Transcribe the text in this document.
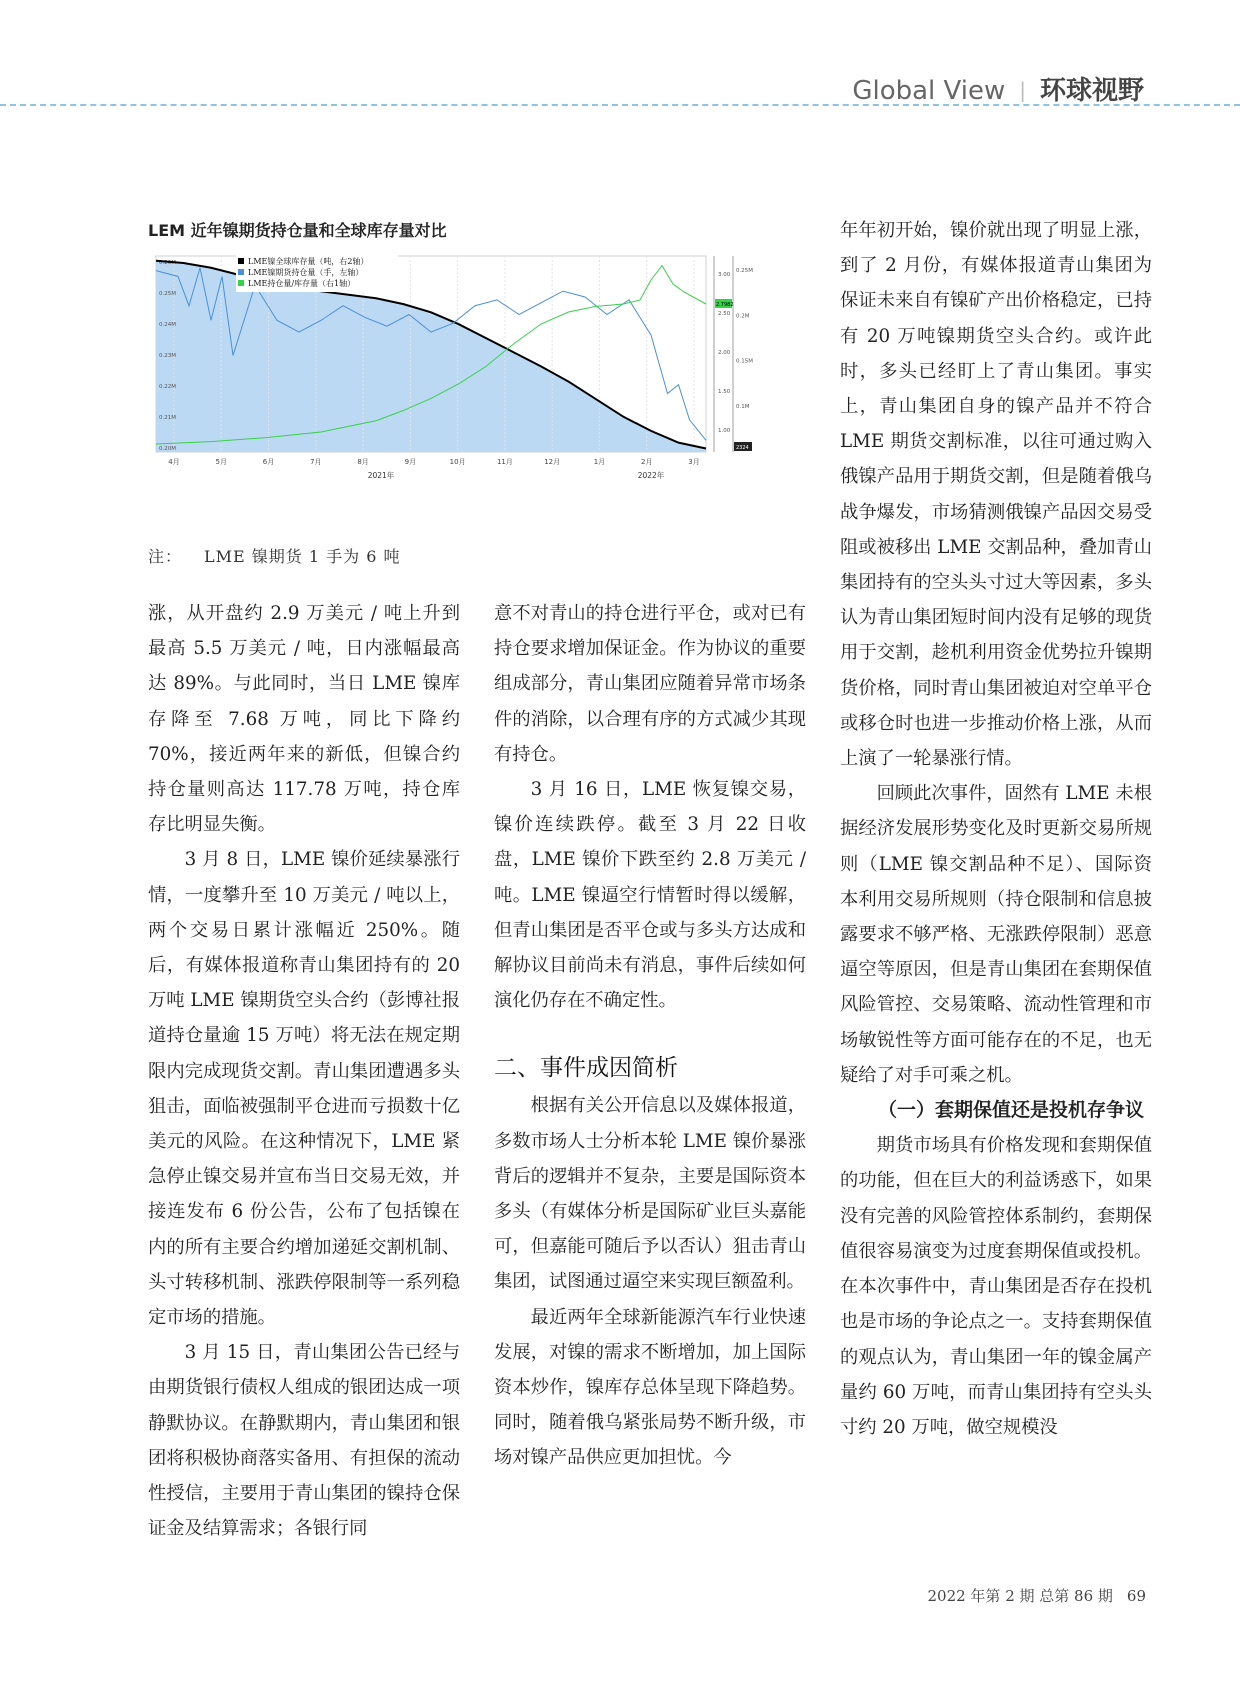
Global View | 环球视野
LEM 近年镍期货持仓量和全球库存量对比
4月	5月	6月	7月	8月	9月	10月	11月	12月	1月	2月	3月
2021年	2022年
0.26M
0.25M
0.24M
0.23M
0.22M
0.21M
0.20M
3.00
2.50
2.00
1.50
1.00
0.25M
0.2M
0.15M
0.1M
2.7982
2324
LME镍全球库存量（吨，右2轴）
LME镍期货持仓量（手，左轴）
LME持仓量/库存量（右1轴）
注： LME 镍期货 1 手为 6 吨

涨，从开盘约 2.9 万美元 / 吨上升到最高 5.5 万美元 / 吨，日内涨幅最高达 89%。与此同时，当日 LME 镍库存降至 7.68 万吨，同比下降约 70%，接近两年来的新低，但镍合约持仓量则高达 117.78 万吨，持仓库存比明显失衡。

3 月 8 日，LME 镍价延续暴涨行情，一度攀升至 10 万美元 / 吨以上，两个交易日累计涨幅近 250%。随后，有媒体报道称青山集团持有的 20 万吨 LME 镍期货空头合约（彭博社报道持仓量逾 15 万吨）将无法在规定期限内完成现货交割。青山集团遭遇多头狙击，面临被强制平仓进而亏损数十亿美元的风险。在这种情况下，LME 紧急停止镍交易并宣布当日交易无效，并接连发布 6 份公告，公布了包括镍在内的所有主要合约增加递延交割机制、头寸转移机制、涨跌停限制等一系列稳定市场的措施。

3 月 15 日，青山集团公告已经与由期货银行债权人组成的银团达成一项静默协议。在静默期内，青山集团和银团将积极协商落实备用、有担保的流动性授信，主要用于青山集团的镍持仓保证金及结算需求；各银行同

意不对青山的持仓进行平仓，或对已有持仓要求增加保证金。作为协议的重要组成部分，青山集团应随着异常市场条件的消除，以合理有序的方式减少其现有持仓。

3 月 16 日，LME 恢复镍交易，镍价连续跌停。截至 3 月 22 日收盘，LME 镍价下跌至约 2.8 万美元 / 吨。LME 镍逼空行情暂时得以缓解，但青山集团是否平仓或与多头方达成和解协议目前尚未有消息，事件后续如何演化仍存在不确定性。

二、事件成因简析

根据有关公开信息以及媒体报道，多数市场人士分析本轮 LME 镍价暴涨背后的逻辑并不复杂，主要是国际资本多头（有媒体分析是国际矿业巨头嘉能可，但嘉能可随后予以否认）狙击青山集团，试图通过逼空来实现巨额盈利。

最近两年全球新能源汽车行业快速发展，对镍的需求不断增加，加上国际资本炒作，镍库存总体呈现下降趋势。同时，随着俄乌紧张局势不断升级，市场对镍产品供应更加担忧。今

年年初开始，镍价就出现了明显上涨，到了 2 月份，有媒体报道青山集团为保证未来自有镍矿产出价格稳定，已持有 20 万吨镍期货空头合约。或许此时，多头已经盯上了青山集团。事实上，青山集团自身的镍产品并不符合 LME 期货交割标准，以往可通过购入俄镍产品用于期货交割，但是随着俄乌战争爆发，市场猜测俄镍产品因交易受阻或被移出 LME 交割品种，叠加青山集团持有的空头头寸过大等因素，多头认为青山集团短时间内没有足够的现货用于交割，趁机利用资金优势拉升镍期货价格，同时青山集团被迫对空单平仓或移仓时也进一步推动价格上涨，从而上演了一轮暴涨行情。

回顾此次事件，固然有 LME 未根据经济发展形势变化及时更新交易所规则（LME 镍交割品种不足）、国际资本利用交易所规则（持仓限制和信息披露要求不够严格、无涨跌停限制）恶意逼空等原因，但是青山集团在套期保值风险管控、交易策略、流动性管理和市场敏锐性等方面可能存在的不足，也无疑给了对手可乘之机。

（一）套期保值还是投机存争议

期货市场具有价格发现和套期保值的功能，但在巨大的利益诱惑下，如果没有完善的风险管控体系制约，套期保值很容易演变为过度套期保值或投机。在本次事件中，青山集团是否存在投机也是市场的争论点之一。支持套期保值的观点认为，青山集团一年的镍金属产量约 60 万吨，而青山集团持有空头头寸约 20 万吨，做空规模没

2022 年第 2 期 总第 86 期 69
